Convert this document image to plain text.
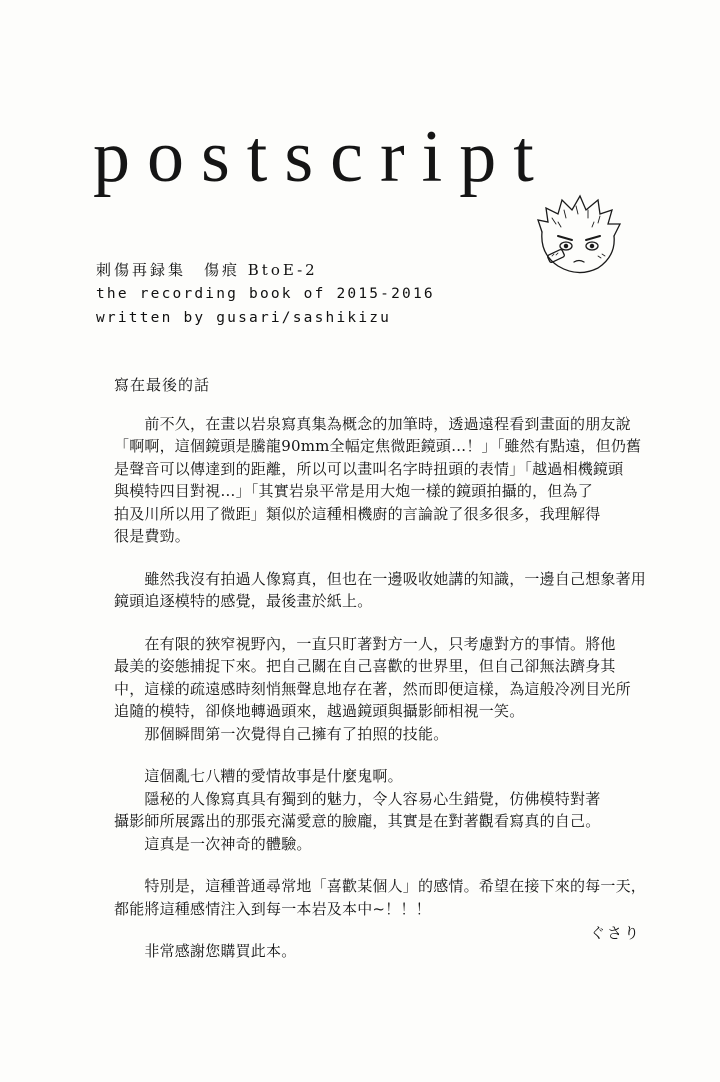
postscript
刺傷再録集　傷痕 BtoE-2
the recording book of 2015-2016
written by gusari/sashikizu
寫在最後的話
　　前不久，在畫以岩泉寫真集為概念的加筆時，透過遠程看到畫面的朋友說
「啊啊，這個鏡頭是騰龍90mm全幅定焦微距鏡頭…！」「雖然有點遠，但仍舊
是聲音可以傳達到的距離，所以可以畫叫名字時扭頭的表情」「越過相機鏡頭
與模特四目對視…」「其實岩泉平常是用大炮一樣的鏡頭拍攝的，但為了
拍及川所以用了微距」類似於這種相機廚的言論說了很多很多，我理解得
很是費勁。
　　雖然我沒有拍過人像寫真，但也在一邊吸收她講的知識，一邊自己想象著用
鏡頭追逐模特的感覺，最後畫於紙上。
　　在有限的狹窄視野內，一直只盯著對方一人，只考慮對方的事情。將他
最美的姿態捕捉下來。把自己關在自己喜歡的世界里，但自己卻無法躋身其
中，這樣的疏遠感時刻悄無聲息地存在著，然而即便這樣，為這般冷冽目光所
追隨的模特，卻倏地轉過頭來，越過鏡頭與攝影師相視一笑。
　　那個瞬間第一次覺得自己擁有了拍照的技能。
　　這個亂七八糟的愛情故事是什麼鬼啊。
　　隱秘的人像寫真具有獨到的魅力，令人容易心生錯覺，仿佛模特對著
攝影師所展露出的那張充滿愛意的臉龐，其實是在對著觀看寫真的自己。
　　這真是一次神奇的體驗。
　　特別是，這種普通尋常地「喜歡某個人」的感情。希望在接下來的每一天，
都能將這種感情注入到每一本岩及本中~！！！
　　非常感謝您購買此本。
ぐさり
